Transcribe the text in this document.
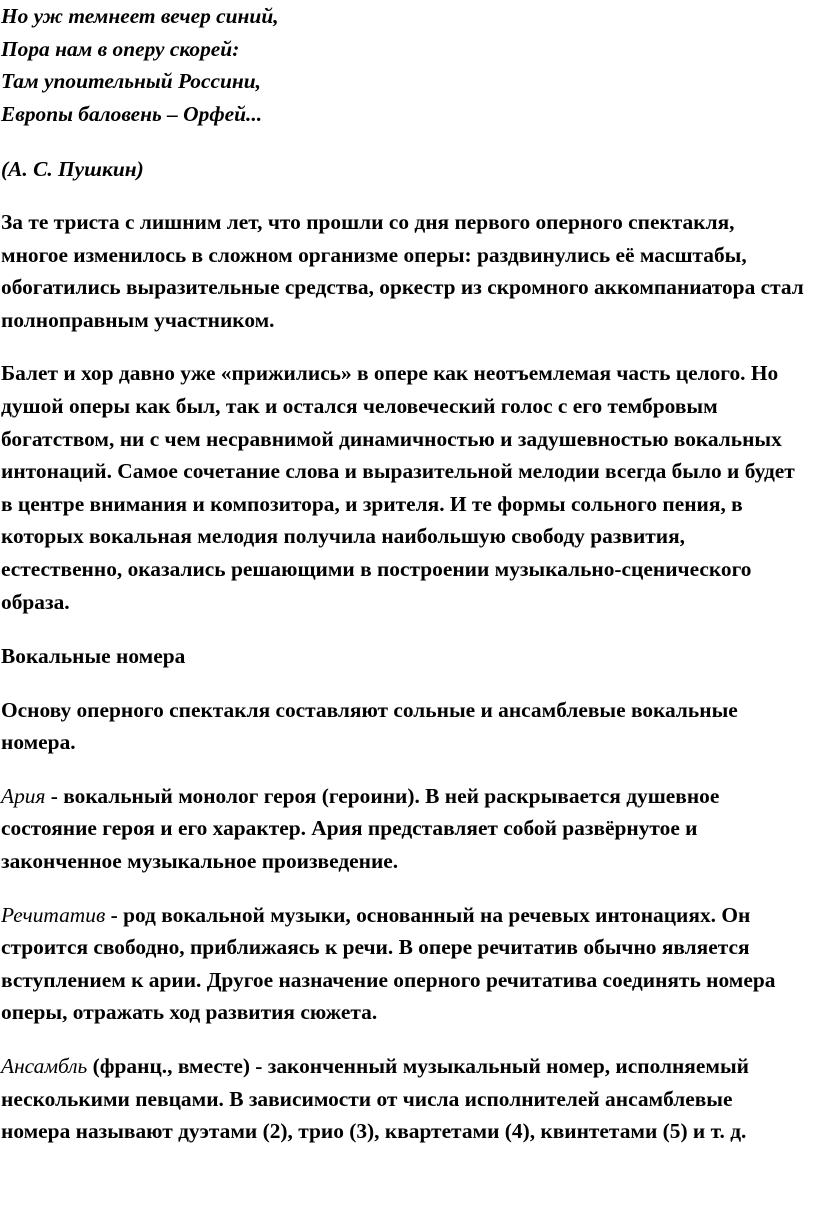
Но уж темнеет вечер синий,
Пора нам в оперу скорей:
Там упоительный Россини,
Европы баловень – Орфей...

(А. С. Пушкин)

За те триста с лишним лет, что прошли со дня первого оперного спектакля, многое изменилось в сложном организме оперы: раздвинулись её масштабы, обогатились выразительные средства, оркестр из скромного аккомпаниатора стал полноправным участником.

Балет и хор давно уже «прижились» в опере как неотъемлемая часть целого. Но душой оперы как был, так и остался человеческий голос с его тембровым богатством, ни с чем несравнимой динамичностью и задушевностью вокальных интонаций. Самое сочетание слова и выразительной мелодии всегда было и будет в центре внимания и композитора, и зрителя. И те формы сольного пения, в которых вокальная мелодия получила наибольшую свободу развития, естественно, оказались решающими в построении музыкально-сценического образа.

Вокальные номера

Основу оперного спектакля составляют сольные и ансамблевые вокальные номера.

Ария - вокальный монолог героя (героини). В ней раскрывается душевное состояние героя и его характер. Ария представляет собой развёрнутое и законченное музыкальное произведение.

Речитатив - род вокальной музыки, основанный на речевых интонациях. Он строится свободно, приближаясь к речи. В опере речитатив обычно является вступлением к арии. Другое назначение оперного речитатива соединять номера оперы, отражать ход развития сюжета.

Ансамбль (франц., вместе) - законченный музыкальный номер, исполняемый несколькими певцами. В зависимости от числа исполнителей ансамблевые номера называют дуэтами (2), трио (3), квартетами (4), квинтетами (5) и т. д.
